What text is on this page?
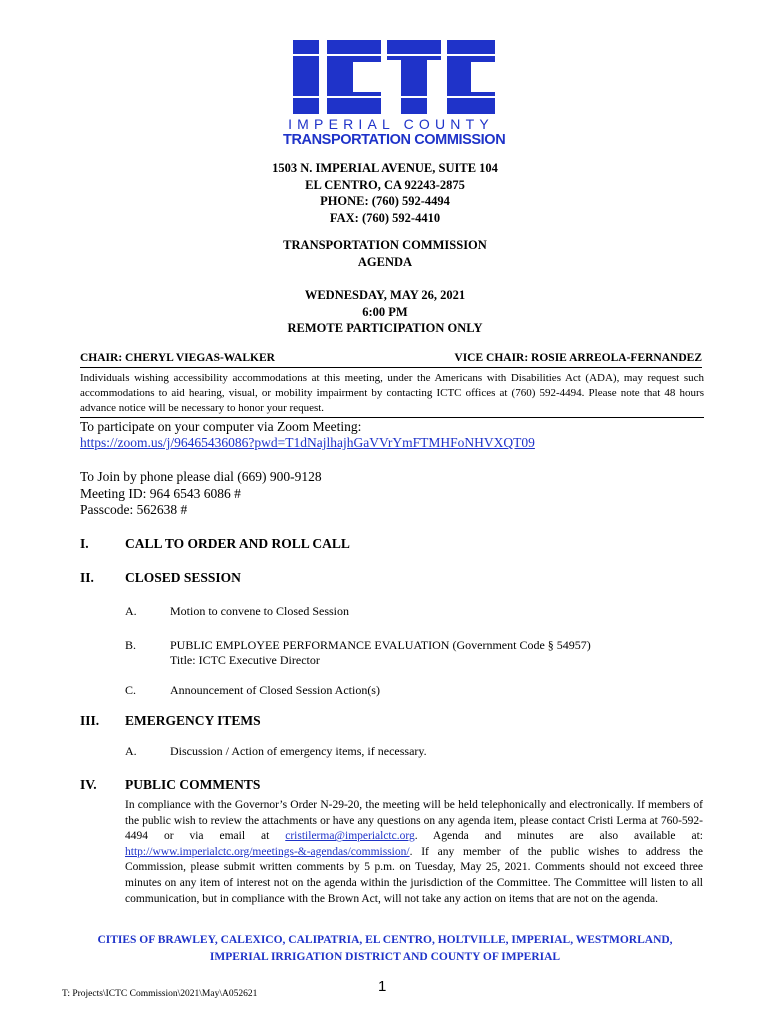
IMPERIAL COUNTY
TRANSPORTATION COMMISSION
1503 N. IMPERIAL AVENUE, SUITE 104
EL CENTRO, CA 92243-2875
PHONE: (760) 592-4494
FAX: (760) 592-4410
TRANSPORTATION COMMISSION
AGENDA
WEDNESDAY, MAY 26, 2021
6:00 PM
REMOTE PARTICIPATION ONLY
CHAIR: CHERYL VIEGAS-WALKER	VICE CHAIR: ROSIE ARREOLA-FERNANDEZ
Individuals wishing accessibility accommodations at this meeting, under the Americans with Disabilities Act (ADA), may request such accommodations to aid hearing, visual, or mobility impairment by contacting ICTC offices at (760) 592-4494. Please note that 48 hours advance notice will be necessary to honor your request.
To participate on your computer via Zoom Meeting:
https://zoom.us/j/96465436086?pwd=T1dNajlhajhGaVVrYmFTMHFoNHVXQT09
To Join by phone please dial (669) 900-9128
Meeting ID: 964 6543 6086 #
Passcode: 562638 #
I.	CALL TO ORDER AND ROLL CALL
II. CLOSED SESSION
A.	Motion to convene to Closed Session
B.	PUBLIC EMPLOYEE PERFORMANCE EVALUATION (Government Code § 54957)
Title: ICTC Executive Director
C.	Announcement of Closed Session Action(s)
III. EMERGENCY ITEMS
A.	Discussion / Action of emergency items, if necessary.
IV. PUBLIC COMMENTS
In compliance with the Governor’s Order N-29-20, the meeting will be held telephonically and electronically. If members of the public wish to review the attachments or have any questions on any agenda item, please contact Cristi Lerma at 760-592-4494 or via email at cristilerma@imperialctc.org. Agenda and minutes are also available at: http://www.imperialctc.org/meetings-&-agendas/commission/. If any member of the public wishes to address the Commission, please submit written comments by 5 p.m. on Tuesday, May 25, 2021. Comments should not exceed three minutes on any item of interest not on the agenda within the jurisdiction of the Committee. The Committee will listen to all communication, but in compliance with the Brown Act, will not take any action on items that are not on the agenda.
CITIES OF BRAWLEY, CALEXICO, CALIPATRIA, EL CENTRO, HOLTVILLE, IMPERIAL, WESTMORLAND,
IMPERIAL IRRIGATION DISTRICT AND COUNTY OF IMPERIAL
T: Projects\ICTC Commission\2021\May\A052621	1
